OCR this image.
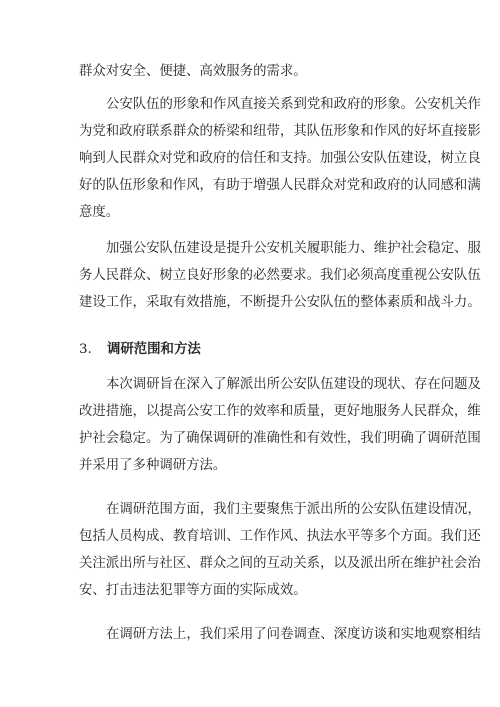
群众对安全、便捷、高效服务的需求。
公安队伍的形象和作风直接关系到党和政府的形象。公安机关作
为党和政府联系群众的桥梁和纽带，其队伍形象和作风的好坏直接影
响到人民群众对党和政府的信任和支持。加强公安队伍建设，树立良
好的队伍形象和作风，有助于增强人民群众对党和政府的认同感和满
意度。
加强公安队伍建设是提升公安机关履职能力、维护社会稳定、服
务人民群众、树立良好形象的必然要求。我们必须高度重视公安队伍
建设工作，采取有效措施，不断提升公安队伍的整体素质和战斗力。
3. 调研范围和方法
本次调研旨在深入了解派出所公安队伍建设的现状、存在问题及
改进措施，以提高公安工作的效率和质量，更好地服务人民群众，维
护社会稳定。为了确保调研的准确性和有效性，我们明确了调研范围
并采用了多种调研方法。
在调研范围方面，我们主要聚焦于派出所的公安队伍建设情况，
包括人员构成、教育培训、工作作风、执法水平等多个方面。我们还
关注派出所与社区、群众之间的互动关系，以及派出所在维护社会治
安、打击违法犯罪等方面的实际成效。
在调研方法上，我们采用了问卷调查、深度访谈和实地观察相结
